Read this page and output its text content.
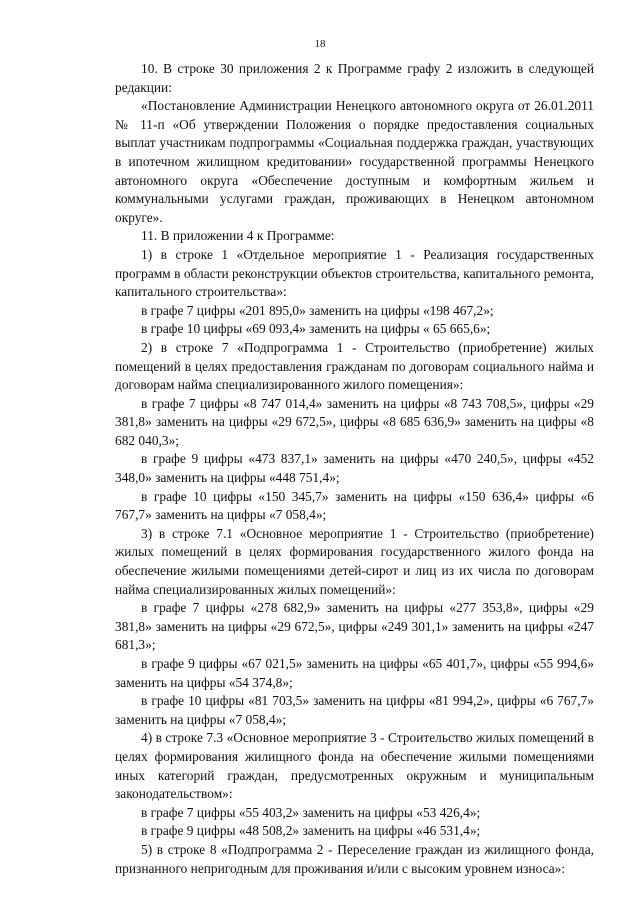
18

10. В строке 30 приложения 2 к Программе графу 2 изложить в следующей редакции:

«Постановление Администрации Ненецкого автономного округа от 26.01.2011 № 11-п «Об утверждении Положения о порядке предоставления социальных выплат участникам подпрограммы «Социальная поддержка граждан, участвующих в ипотечном жилищном кредитовании» государственной программы Ненецкого автономного округа «Обеспечение доступным и комфортным жильем и коммунальными услугами граждан, проживающих в Ненецком автономном округе».

11. В приложении 4 к Программе:

1) в строке 1 «Отдельное мероприятие 1 - Реализация государственных программ в области реконструкции объектов строительства, капитального ремонта, капитального строительства»:

в графе 7 цифры «201 895,0» заменить на цифры «198 467,2»;

в графе 10 цифры «69 093,4» заменить на цифры « 65 665,6»;

2) в строке 7 «Подпрограмма 1 - Строительство (приобретение) жилых помещений в целях предоставления гражданам по договорам социального найма и договорам найма специализированного жилого помещения»:

в графе 7 цифры «8 747 014,4» заменить на цифры «8 743 708,5», цифры «29 381,8» заменить на цифры «29 672,5», цифры «8 685 636,9» заменить на цифры «8 682 040,3»;

в графе 9 цифры «473 837,1» заменить на цифры «470 240,5», цифры «452 348,0» заменить на цифры «448 751,4»;

в графе 10 цифры «150 345,7» заменить на цифры «150 636,4» цифры «6 767,7» заменить на цифры «7 058,4»;

3) в строке 7.1 «Основное мероприятие 1 - Строительство (приобретение) жилых помещений в целях формирования государственного жилого фонда на обеспечение жилыми помещениями детей-сирот и лиц из их числа по договорам найма специализированных жилых помещений»:

в графе 7 цифры «278 682,9» заменить на цифры «277 353,8», цифры «29 381,8» заменить на цифры «29 672,5», цифры «249 301,1» заменить на цифры «247 681,3»;

в графе 9 цифры «67 021,5» заменить на цифры «65 401,7», цифры «55 994,6» заменить на цифры «54 374,8»;

в графе 10 цифры «81 703,5» заменить на цифры «81 994,2», цифры «6 767,7» заменить на цифры «7 058,4»;

4) в строке 7.3 «Основное мероприятие 3 - Строительство жилых помещений в целях формирования жилищного фонда на обеспечение жилыми помещениями иных категорий граждан, предусмотренных окружным и муниципальным законодательством»:

в графе 7 цифры «55 403,2» заменить на цифры «53 426,4»;

в графе 9 цифры «48 508,2» заменить на цифры «46 531,4»;

5) в строке 8 «Подпрограмма 2 - Переселение граждан из жилищного фонда, признанного непригодным для проживания и/или с высоким уровнем износа»:
